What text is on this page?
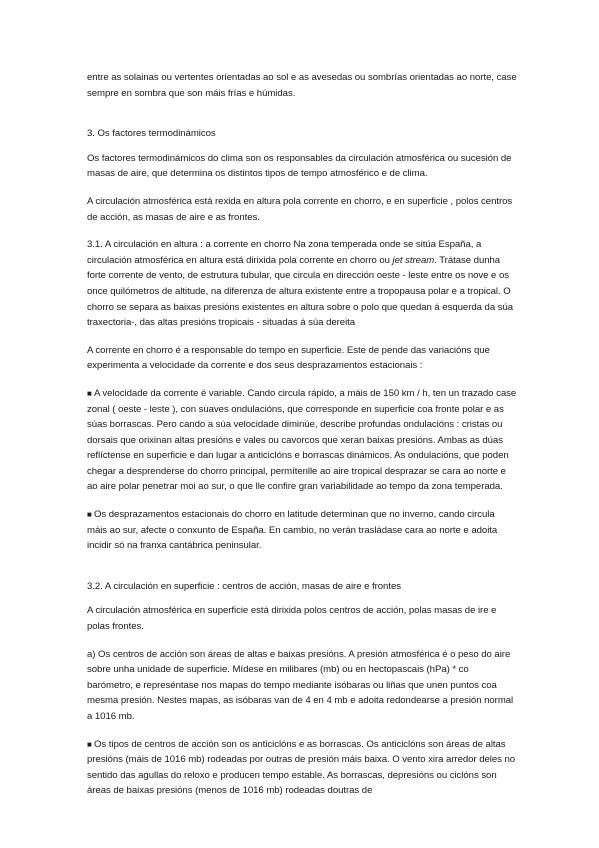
entre as solainas ou vertentes orientadas ao sol e as avesedas ou sombrías orientadas ao norte, case sempre en sombra que son máis frías e húmidas.

3. Os factores termodinámicos

Os factores termodinámicos do clima son os responsables da circulación atmosférica ou sucesión de masas de aire, que determina os distintos tipos de tempo atmosférico e de clima.

A circulación atmosférica está rexida en altura pola corrente en chorro, e en superficie , polos centros de acción, as masas de aire e as frontes.

3.1. A circulación en altura : a corrente en chorro Na zona temperada onde se sitúa España, a circulación atmosférica en altura está dirixida pola corrente en chorro ou jet stream. Trátase dunha forte corrente de vento, de estrutura tubular, que circula en dirección oeste - leste entre os nove e os once quilómetros de altitude, na diferenza de altura existente entre a tropopausa polar e a tropical. O chorro se separa as baixas presións existentes en altura sobre o polo que quedan á esquerda da súa traxectoria-, das altas presións tropicais - situadas á súa dereita

A corrente en chorro é a responsable do tempo en superficie. Este de pende das variacións que experimenta a velocidade da corrente e dos seus desprazamentos estacionais :

■ A velocidade da corrente é variable. Cando circula rápido, a máis de 150 km / h, ten un trazado case zonal ( oeste - leste ), con suaves ondulacións, que corresponde en superficie coa fronte polar e as súas borrascas. Pero cando a súa velocidade diminúe, describe profundas ondulacións : cristas ou dorsais que orixinan altas presións e vales ou cavorcos que xeran baixas presións. Ambas as dúas reflíctense en superficie e dan lugar a anticiclóns e borrascas dinámicos. As ondulacións, que poden chegar a desprenderse do chorro principal, permítenlle ao aire tropical desprazar se cara ao norte e ao aire polar penetrar moi ao sur, o que lle confire gran variabilidade ao tempo da zona temperada.

■ Os desprazamentos estacionais do chorro en latitude determinan que no inverno, cando circula máis ao sur, afecte o conxunto de España. En cambio, no verán trasládase cara ao norte e adoita incidir só na franxa cantábrica peninsular.

3.2. A circulación en superficie : centros de acción, masas de aire e frontes

A circulación atmosférica en superficie está dirixida polos centros de acción, polas masas de ire e polas frontes.

a) Os centros de acción son áreas de altas e baixas presións. A presión atmosférica é o peso do aire sobre unha unidade de superficie. Mídese en milibares (mb) ou en hectopascais (hPa) * co barómetro, e represéntase nos mapas do tempo mediante isóbaras ou liñas que unen puntos coa mesma presión. Nestes mapas, as isóbaras van de 4 en 4 mb e adoita redondearse a presión normal a 1016 mb.

■ Os tipos de centros de acción son os anticiclóns e as borrascas. Os anticiclóns son áreas de altas presións (máis de 1016 mb) rodeadas por outras de presión máis baixa. O vento xira arredor deles no sentido das agullas do reloxo e producen tempo estable. As borrascas, depresións ou ciclóns son áreas de baixas presións (menos de 1016 mb) rodeadas doutras de
